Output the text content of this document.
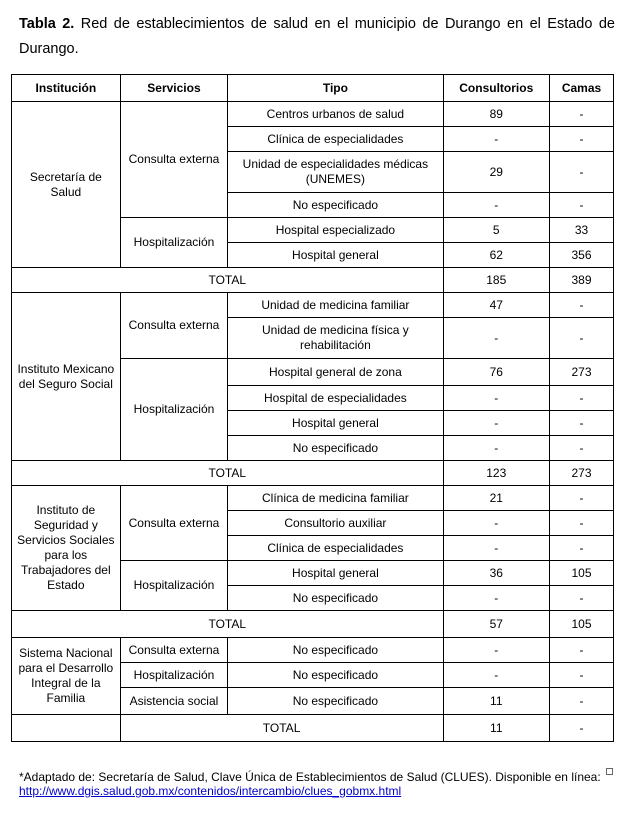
Tabla 2. Red de establecimientos de salud en el municipio de Durango en el Estado de Durango.
Institución	Servicios	Tipo	Consultorios	Camas
Secretaría de Salud	Consulta externa	Centros urbanos de salud	89	-
		Clínica de especialidades	-	-
		Unidad de especialidades médicas (UNEMES)	29	-
		No especificado	-	-
	Hospitalización	Hospital especializado	5	33
		Hospital general	62	356
TOTAL			185	389
Instituto Mexicano del Seguro Social	Consulta externa	Unidad de medicina familiar	47	-
		Unidad de medicina física y rehabilitación	-	-
	Hospitalización	Hospital general de zona	76	273
		Hospital de especialidades	-	-
		Hospital general	-	-
		No especificado	-	-
TOTAL			123	273
Instituto de Seguridad y Servicios Sociales para los Trabajadores del Estado	Consulta externa	Clínica de medicina familiar	21	-
		Consultorio auxiliar	-	-
		Clínica de especialidades	-	-
	Hospitalización	Hospital general	36	105
		No especificado	-	-
TOTAL			57	105
Sistema Nacional para el Desarrollo Integral de la Familia	Consulta externa	No especificado	-	-
	Hospitalización	No especificado	-	-
	Asistencia social	No especificado	11	-
	TOTAL		11	-
*Adaptado de: Secretaría de Salud, Clave Única de Establecimientos de Salud (CLUES). Disponible en línea:
http://www.dgis.salud.gob.mx/contenidos/intercambio/clues_gobmx.html
